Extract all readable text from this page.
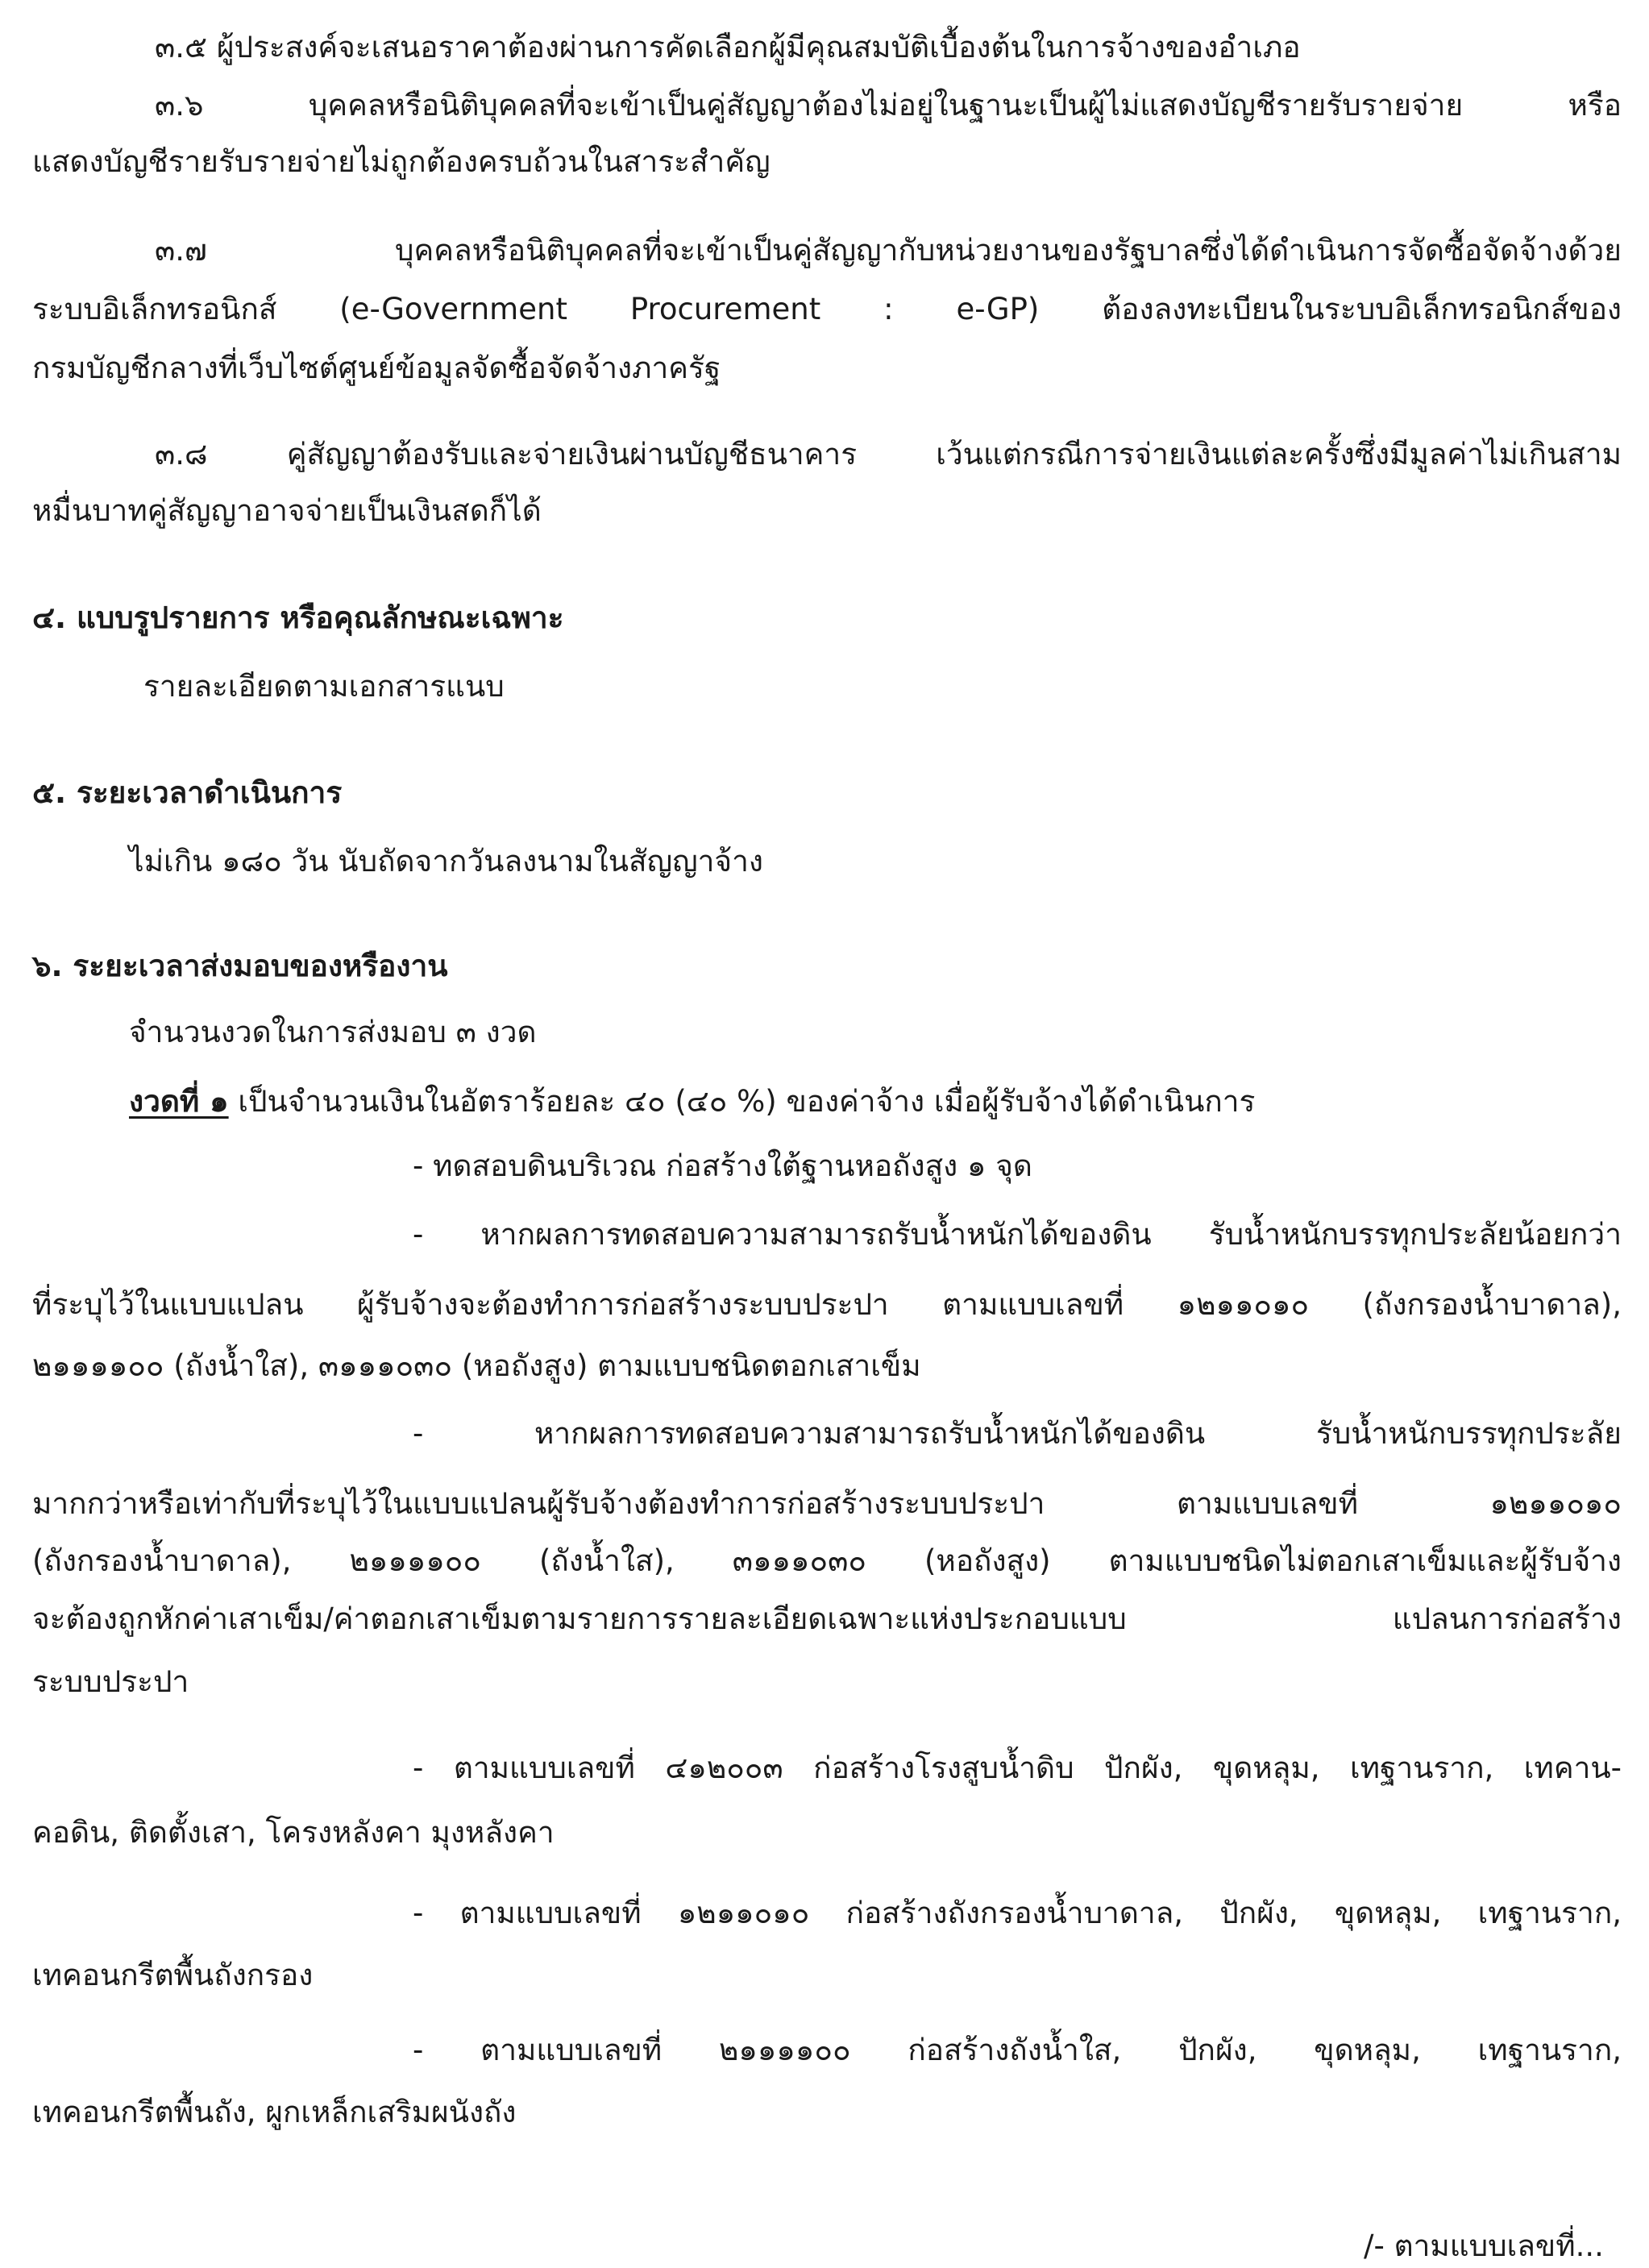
๓.๕ ผู้ประสงค์จะเสนอราคาต้องผ่านการคัดเลือกผู้มีคุณสมบัติเบื้องต้นในการจ้างของอำเภอ
๓.๖ บุคคลหรือนิติบุคคลที่จะเข้าเป็นคู่สัญญาต้องไม่อยู่ในฐานะเป็นผู้ไม่แสดงบัญชีรายรับรายจ่าย หรือ
แสดงบัญชีรายรับรายจ่ายไม่ถูกต้องครบถ้วนในสาระสำคัญ
๓.๗ บุคคลหรือนิติบุคคลที่จะเข้าเป็นคู่สัญญากับหน่วยงานของรัฐบาลซึ่งได้ดำเนินการจัดซื้อจัดจ้างด้วย
ระบบอิเล็กทรอนิกส์ (e-Government Procurement : e-GP) ต้องลงทะเบียนในระบบอิเล็กทรอนิกส์ของ
กรมบัญชีกลางที่เว็บไซต์ศูนย์ข้อมูลจัดซื้อจัดจ้างภาครัฐ
๓.๘ คู่สัญญาต้องรับและจ่ายเงินผ่านบัญชีธนาคาร เว้นแต่กรณีการจ่ายเงินแต่ละครั้งซึ่งมีมูลค่าไม่เกินสาม
หมื่นบาทคู่สัญญาอาจจ่ายเป็นเงินสดก็ได้
๔. แบบรูปรายการ หรือคุณลักษณะเฉพาะ
รายละเอียดตามเอกสารแนบ
๕. ระยะเวลาดำเนินการ
ไม่เกิน ๑๘๐ วัน นับถัดจากวันลงนามในสัญญาจ้าง
๖. ระยะเวลาส่งมอบของหรืองาน
จำนวนงวดในการส่งมอบ ๓ งวด
งวดที่ ๑ เป็นจำนวนเงินในอัตราร้อยละ ๔๐ (๔๐ %) ของค่าจ้าง เมื่อผู้รับจ้างได้ดำเนินการ
- ทดสอบดินบริเวณ ก่อสร้างใต้ฐานหอถังสูง ๑ จุด
- หากผลการทดสอบความสามารถรับน้ำหนักได้ของดิน รับน้ำหนักบรรทุกประลัยน้อยกว่า
ที่ระบุไว้ในแบบแปลน ผู้รับจ้างจะต้องทำการก่อสร้างระบบประปา ตามแบบเลขที่ ๑๒๑๑๐๑๐ (ถังกรองน้ำบาดาล),
๒๑๑๑๑๐๐ (ถังน้ำใส), ๓๑๑๑๐๓๐ (หอถังสูง) ตามแบบชนิดตอกเสาเข็ม
- หากผลการทดสอบความสามารถรับน้ำหนักได้ของดิน รับน้ำหนักบรรทุกประลัย
มากกว่าหรือเท่ากับที่ระบุไว้ในแบบแปลนผู้รับจ้างต้องทำการก่อสร้างระบบประปา ตามแบบเลขที่ ๑๒๑๑๐๑๐
(ถังกรองน้ำบาดาล), ๒๑๑๑๑๐๐ (ถังน้ำใส), ๓๑๑๑๐๓๐ (หอถังสูง) ตามแบบชนิดไม่ตอกเสาเข็มและผู้รับจ้าง
จะต้องถูกหักค่าเสาเข็ม/ค่าตอกเสาเข็มตามรายการรายละเอียดเฉพาะแห่งประกอบแบบ แปลนการก่อสร้าง
ระบบประปา
- ตามแบบเลขที่ ๔๑๒๐๐๓ ก่อสร้างโรงสูบน้ำดิบ ปักผัง, ขุดหลุม, เทฐานราก, เทคาน-
คอดิน, ติดตั้งเสา, โครงหลังคา มุงหลังคา
- ตามแบบเลขที่ ๑๒๑๑๐๑๐ ก่อสร้างถังกรองน้ำบาดาล, ปักผัง, ขุดหลุม, เทฐานราก,
เทคอนกรีตพื้นถังกรอง
- ตามแบบเลขที่ ๒๑๑๑๑๐๐ ก่อสร้างถังน้ำใส, ปักผัง, ขุดหลุม, เทฐานราก,
เทคอนกรีตพื้นถัง, ผูกเหล็กเสริมผนังถัง
/- ตามแบบเลขที่...
